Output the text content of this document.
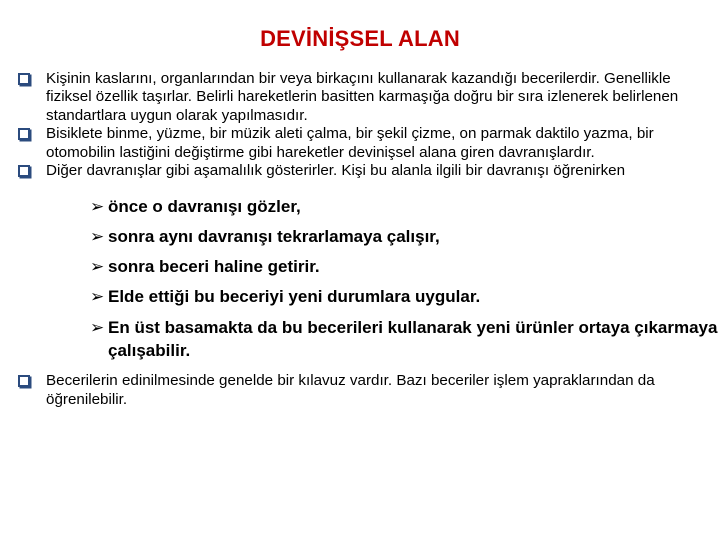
DEVİNİŞSEL ALAN
Kişinin kaslarını, organlarından bir veya birkaçını kullanarak kazandığı becerilerdir. Genellikle fiziksel özellik taşırlar. Belirli hareketlerin basitten karmaşığa doğru bir sıra izlenerek belirlenen standartlara uygun olarak yapılmasıdır.
Bisiklete binme, yüzme, bir müzik aleti çalma, bir şekil çizme, on parmak daktilo yazma, bir otomobilin lastiğini değiştirme gibi hareketler devinişsel alana giren davranışlardır.
Diğer davranışlar gibi aşamalılık gösterirler. Kişi bu alanla ilgili bir davranışı öğrenirken
➢ önce o davranışı gözler,
➢ sonra aynı davranışı tekrarlamaya çalışır,
➢ sonra beceri haline getirir.
➢ Elde ettiği bu beceriyi yeni durumlara uygular.
➢ En üst basamakta da bu becerileri kullanarak yeni ürünler ortaya çıkarmaya çalışabilir.
Becerilerin edinilmesinde genelde bir kılavuz vardır. Bazı beceriler işlem yapraklarından da öğrenilebilir.
